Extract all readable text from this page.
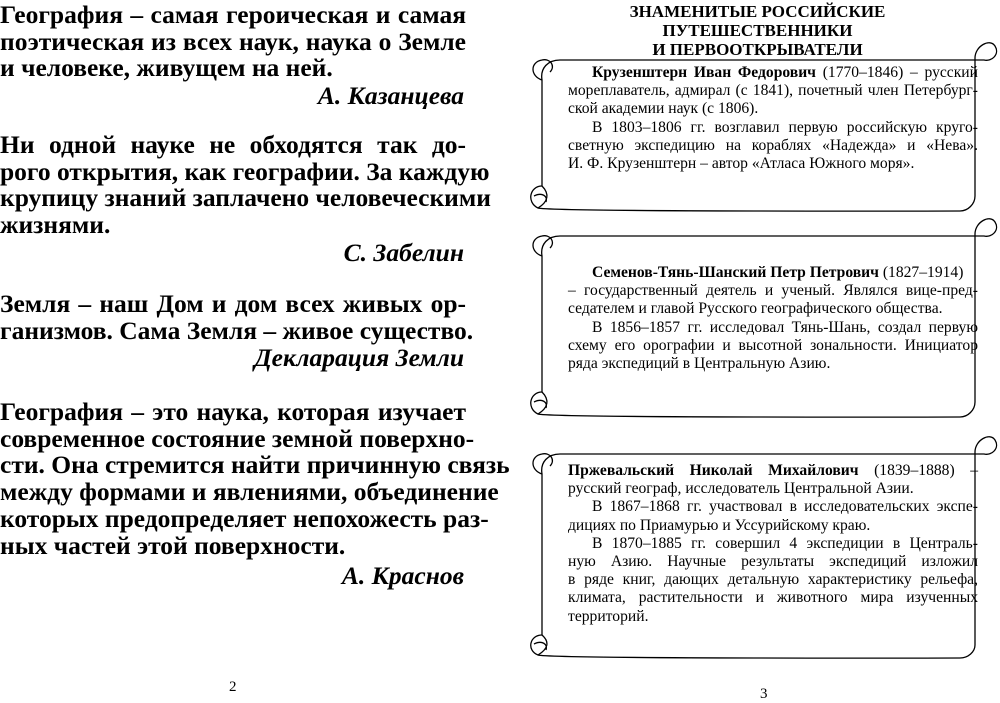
География – самая героическая и самая
поэтическая из всех наук, наука о Земле
и человеке, живущем на ней.
А. Казанцева
Ни одной науке не обходятся так до-
рого открытия, как географии. За каждую
крупицу знаний заплачено человеческими
жизнями.
С. Забелин
Земля – наш Дом и дом всех живых ор-
ганизмов. Сама Земля – живое существо.
Декларация Земли
География – это наука, которая изучает
современное состояние земной поверхно-
сти. Она стремится найти причинную связь
между формами и явлениями, объединение
которых предопределяет непохожесть раз-
ных частей этой поверхности.
А. Краснов
2
ЗНАМЕНИТЫЕ РОССИЙСКИЕ ПУТЕШЕСТВЕННИКИ
И ПЕРВООТКРЫВАТЕЛИ
Крузенштерн Иван Федорович (1770–1846) – русский
мореплаватель, адмирал (с 1841), почетный член Петербург-
ской академии наук (с 1806).
В 1803–1806 гг. возглавил первую российскую круго-
светную экспедицию на кораблях «Надежда» и «Нева».
И. Ф. Крузенштерн – автор «Атласа Южного моря».
Семенов-Тянь-Шанский Петр Петрович (1827–1914)
– государственный деятель и ученый. Являлся вице-пред-
седателем и главой Русского географического общества.
В 1856–1857 гг. исследовал Тянь-Шань, создал первую
схему его орографии и высотной зональности. Инициатор
ряда экспедиций в Центральную Азию.
Пржевальский Николай Михайлович (1839–1888) –
русский географ, исследователь Центральной Азии.
В 1867–1868 гг. участвовал в исследовательских экспе-
дициях по Приамурью и Уссурийскому краю.
В 1870–1885 гг. совершил 4 экспедиции в Централь-
ную Азию. Научные результаты экспедиций изложил
в ряде книг, дающих детальную характеристику рельефа,
климата, растительности и животного мира изученных
территорий.
3
